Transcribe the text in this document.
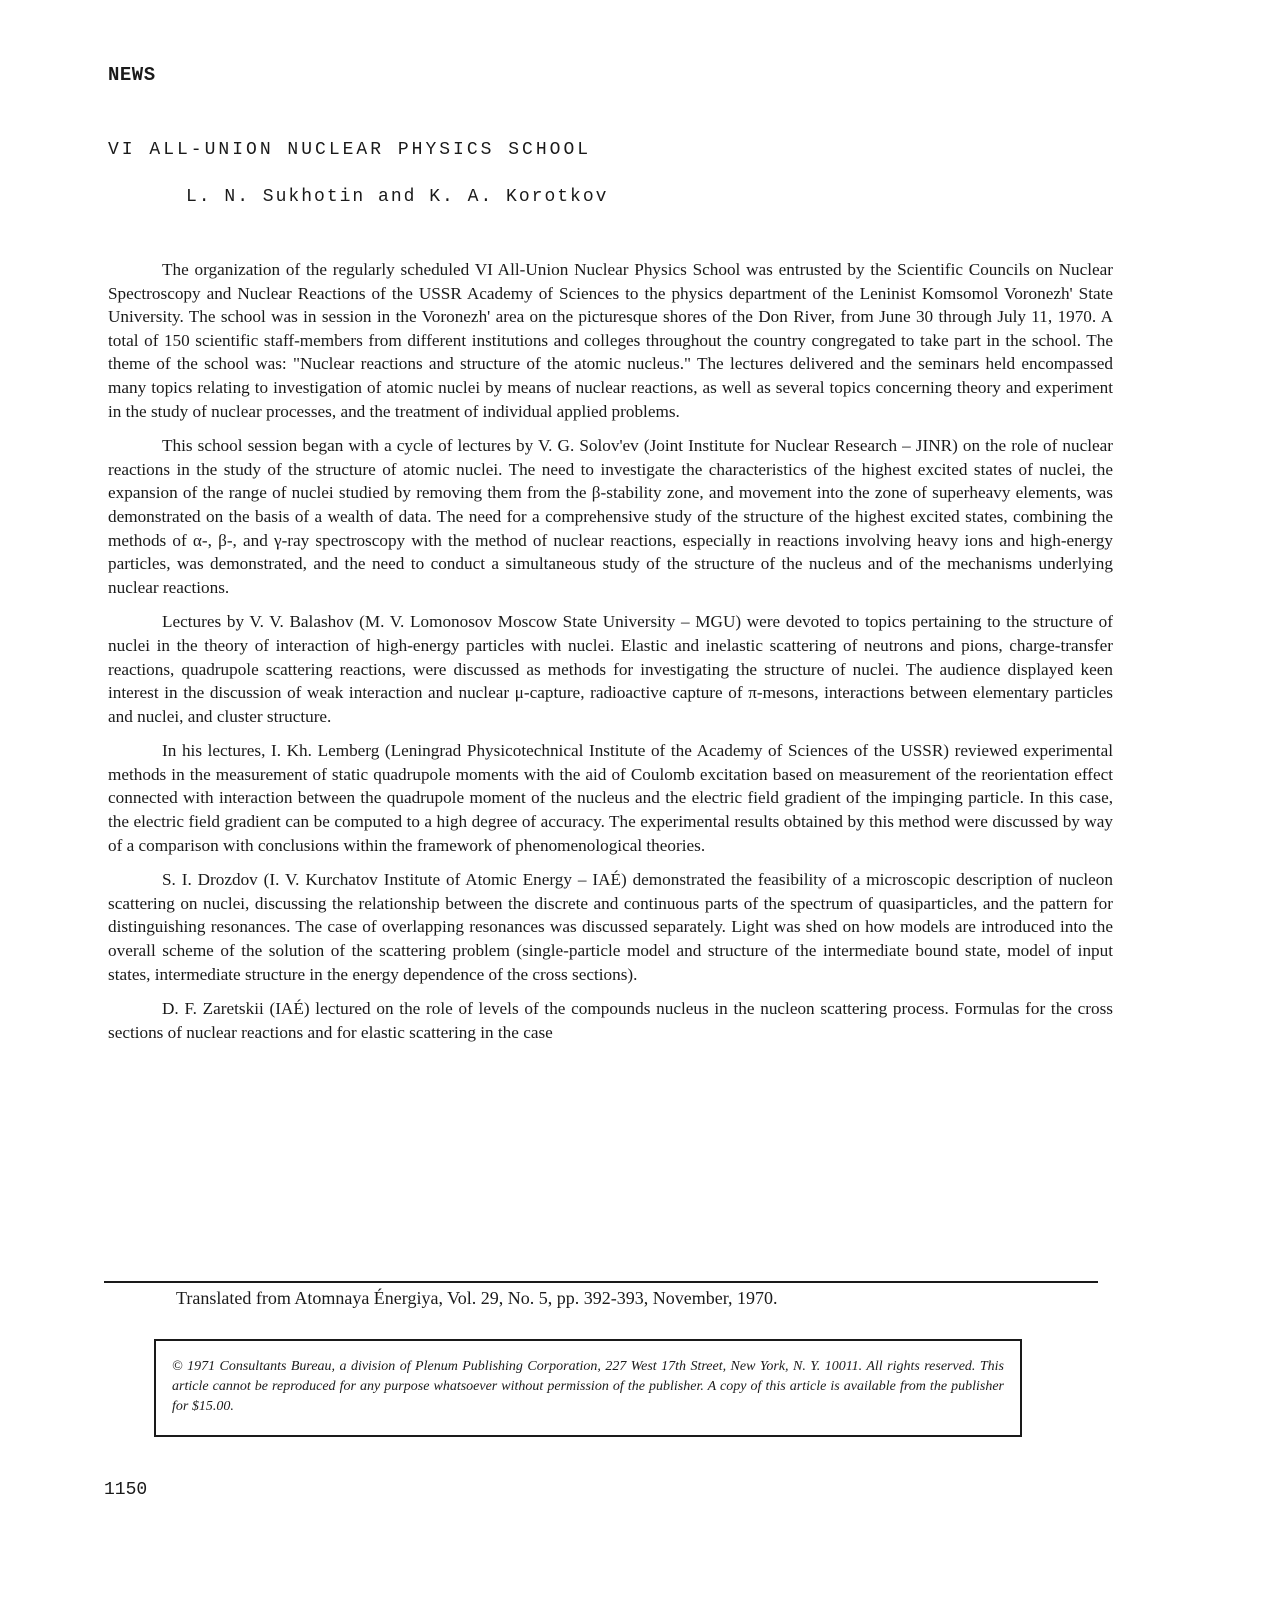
NEWS
VI ALL-UNION NUCLEAR PHYSICS SCHOOL
L. N. Sukhotin and K. A. Korotkov

The organization of the regularly scheduled VI All-Union Nuclear Physics School was entrusted by the Scientific Councils on Nuclear Spectroscopy and Nuclear Reactions of the USSR Academy of Sciences to the physics department of the Leninist Komsomol Voronezh' State University. The school was in session in the Voronezh' area on the picturesque shores of the Don River, from June 30 through July 11, 1970. A total of 150 scientific staff-members from different institutions and colleges throughout the country congregated to take part in the school. The theme of the school was: "Nuclear reactions and structure of the atomic nucleus." The lectures delivered and the seminars held encompassed many topics relating to investigation of atomic nuclei by means of nuclear reactions, as well as several topics concerning theory and experiment in the study of nuclear processes, and the treatment of individual applied problems.

This school session began with a cycle of lectures by V. G. Solov'ev (Joint Institute for Nuclear Research – JINR) on the role of nuclear reactions in the study of the structure of atomic nuclei. The need to investigate the characteristics of the highest excited states of nuclei, the expansion of the range of nuclei studied by removing them from the β-stability zone, and movement into the zone of superheavy elements, was demonstrated on the basis of a wealth of data. The need for a comprehensive study of the structure of the highest excited states, combining the methods of α-, β-, and γ-ray spectroscopy with the method of nuclear reactions, especially in reactions involving heavy ions and high-energy particles, was demonstrated, and the need to conduct a simultaneous study of the structure of the nucleus and of the mechanisms underlying nuclear reactions.

Lectures by V. V. Balashov (M. V. Lomonosov Moscow State University – MGU) were devoted to topics pertaining to the structure of nuclei in the theory of interaction of high-energy particles with nuclei. Elastic and inelastic scattering of neutrons and pions, charge-transfer reactions, quadrupole scattering reactions, were discussed as methods for investigating the structure of nuclei. The audience displayed keen interest in the discussion of weak interaction and nuclear μ-capture, radioactive capture of π-mesons, interactions between elementary particles and nuclei, and cluster structure.

In his lectures, I. Kh. Lemberg (Leningrad Physicotechnical Institute of the Academy of Sciences of the USSR) reviewed experimental methods in the measurement of static quadrupole moments with the aid of Coulomb excitation based on measurement of the reorientation effect connected with interaction between the quadrupole moment of the nucleus and the electric field gradient of the impinging particle. In this case, the electric field gradient can be computed to a high degree of accuracy. The experimental results obtained by this method were discussed by way of a comparison with conclusions within the framework of phenomenological theories.

S. I. Drozdov (I. V. Kurchatov Institute of Atomic Energy – IAÉ) demonstrated the feasibility of a microscopic description of nucleon scattering on nuclei, discussing the relationship between the discrete and continuous parts of the spectrum of quasiparticles, and the pattern for distinguishing resonances. The case of overlapping resonances was discussed separately. Light was shed on how models are introduced into the overall scheme of the solution of the scattering problem (single-particle model and structure of the intermediate bound state, model of input states, intermediate structure in the energy dependence of the cross sections).

D. F. Zaretskii (IAÉ) lectured on the role of levels of the compounds nucleus in the nucleon scattering process. Formulas for the cross sections of nuclear reactions and for elastic scattering in the case

Translated from Atomnaya Énergiya, Vol. 29, No. 5, pp. 392-393, November, 1970.
© 1971 Consultants Bureau, a division of Plenum Publishing Corporation, 227 West 17th Street, New York, N. Y. 10011. All rights reserved. This article cannot be reproduced for any purpose whatsoever without permission of the publisher. A copy of this article is available from the publisher for $15.00.
1150
